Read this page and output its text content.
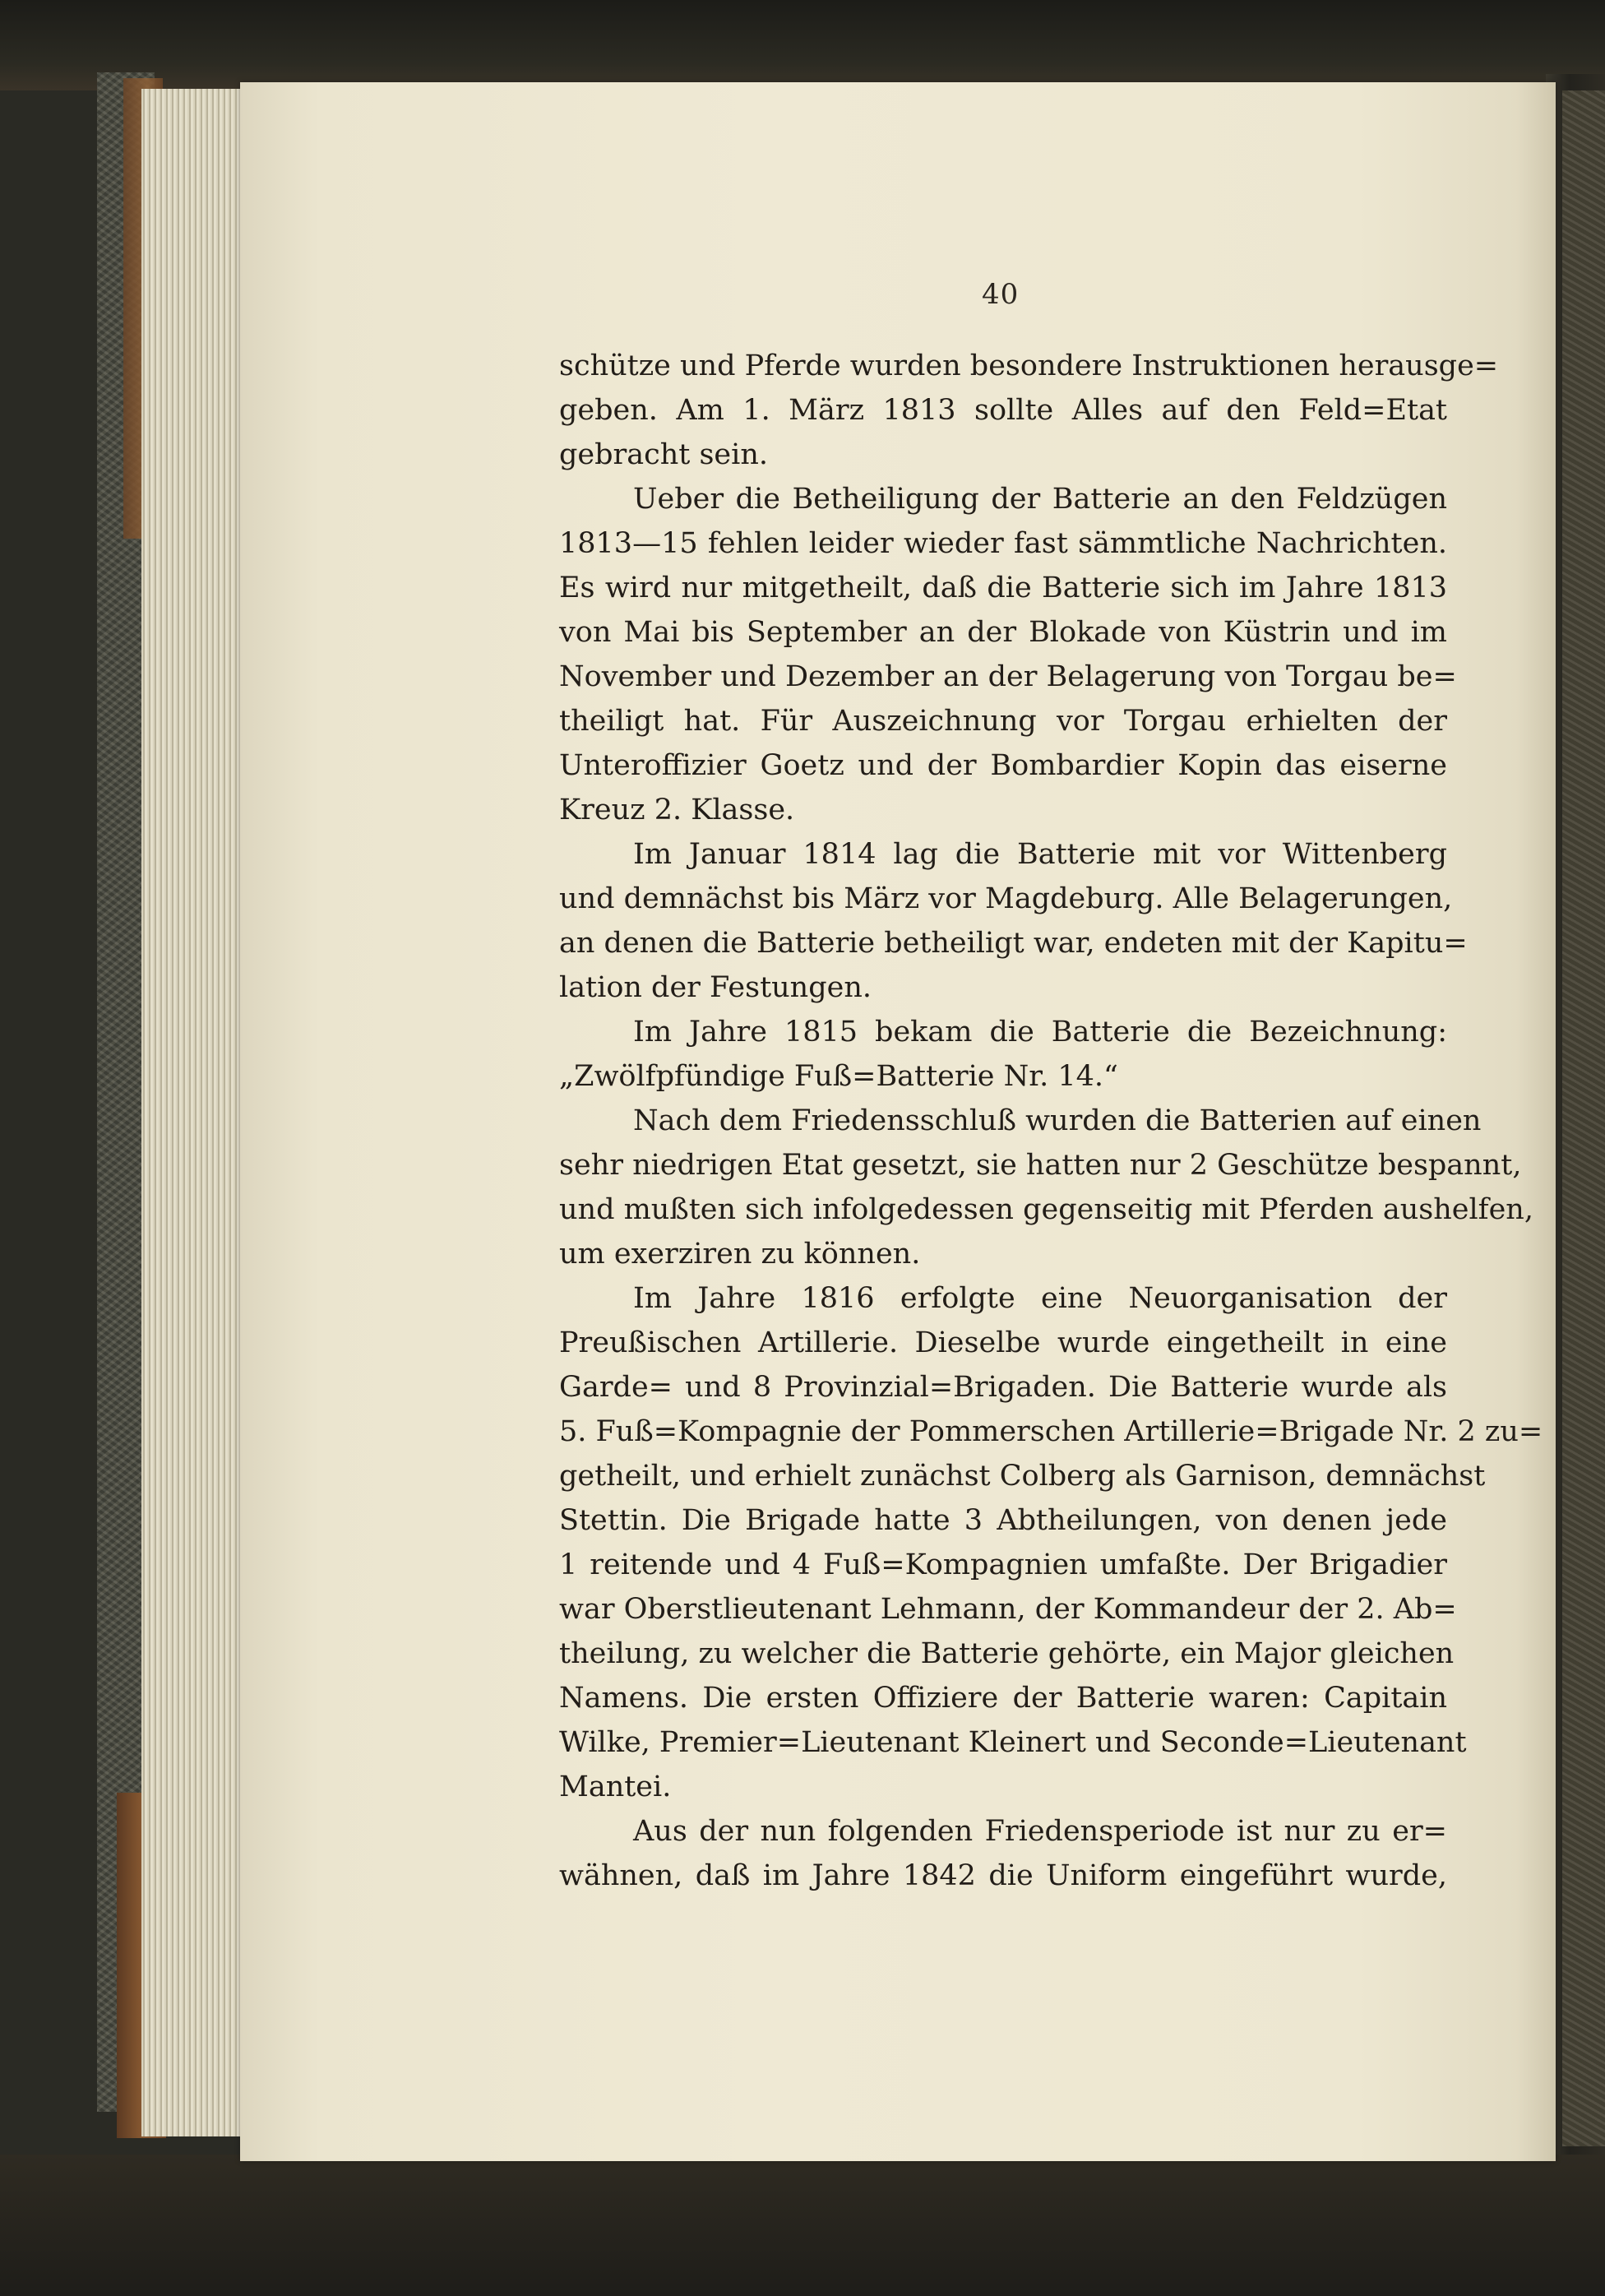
40
schütze und Pferde wurden besondere Instruktionen herausge=
geben. Am 1. März 1813 sollte Alles auf den Feld=Etat
gebracht sein.
Ueber die Betheiligung der Batterie an den Feldzügen
1813—15 fehlen leider wieder fast sämmtliche Nachrichten.
Es wird nur mitgetheilt, daß die Batterie sich im Jahre 1813
von Mai bis September an der Blokade von Küstrin und im
November und Dezember an der Belagerung von Torgau be=
theiligt hat. Für Auszeichnung vor Torgau erhielten der
Unteroffizier Goetz und der Bombardier Kopin das eiserne
Kreuz 2. Klasse.
Im Januar 1814 lag die Batterie mit vor Wittenberg
und demnächst bis März vor Magdeburg. Alle Belagerungen,
an denen die Batterie betheiligt war, endeten mit der Kapitu=
lation der Festungen.
Im Jahre 1815 bekam die Batterie die Bezeichnung:
„Zwölfpfündige Fuß=Batterie Nr. 14.“
Nach dem Friedensschluß wurden die Batterien auf einen
sehr niedrigen Etat gesetzt, sie hatten nur 2 Geschütze bespannt,
und mußten sich infolgedessen gegenseitig mit Pferden aushelfen,
um exerziren zu können.
Im Jahre 1816 erfolgte eine Neuorganisation der
Preußischen Artillerie. Dieselbe wurde eingetheilt in eine
Garde= und 8 Provinzial=Brigaden. Die Batterie wurde als
5. Fuß=Kompagnie der Pommerschen Artillerie=Brigade Nr. 2 zu=
getheilt, und erhielt zunächst Colberg als Garnison, demnächst
Stettin. Die Brigade hatte 3 Abtheilungen, von denen jede
1 reitende und 4 Fuß=Kompagnien umfaßte. Der Brigadier
war Oberstlieutenant Lehmann, der Kommandeur der 2. Ab=
theilung, zu welcher die Batterie gehörte, ein Major gleichen
Namens. Die ersten Offiziere der Batterie waren: Capitain
Wilke, Premier=Lieutenant Kleinert und Seconde=Lieutenant
Mantei.
Aus der nun folgenden Friedensperiode ist nur zu er=
wähnen, daß im Jahre 1842 die Uniform eingeführt wurde,
